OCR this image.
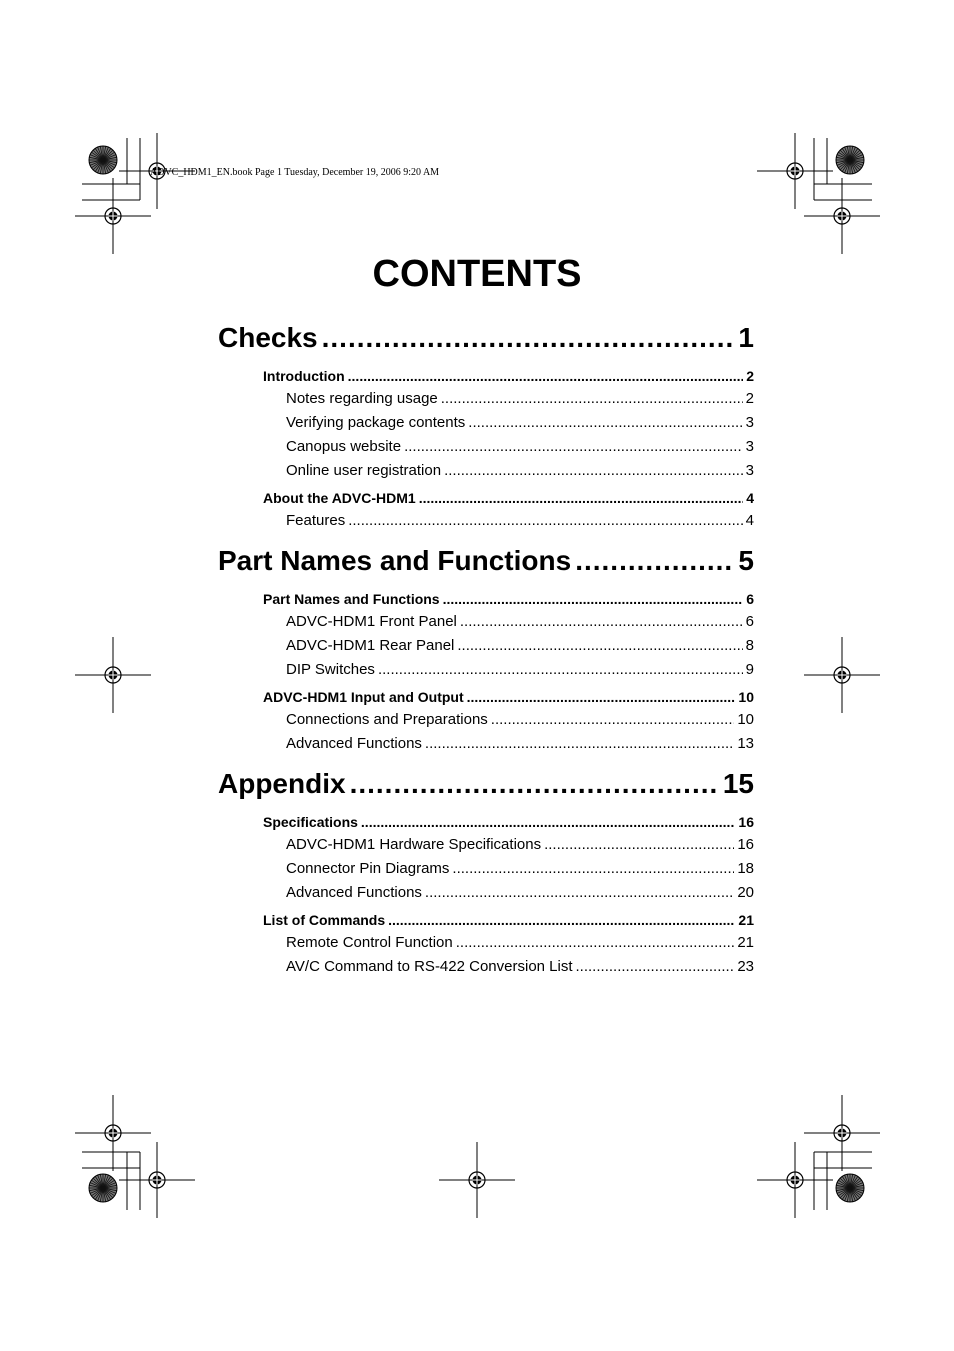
ADVC_HDM1_EN.book Page 1 Tuesday, December 19, 2006 9:20 AM
CONTENTS
Checks .....	1
Introduction .....	2
Notes regarding usage .....	2
Verifying package contents .....	3
Canopus website .....	3
Online user registration .....	3
About the ADVC-HDM1 .....	4
Features .....	4
Part Names and Functions .....	5
Part Names and Functions .....	6
ADVC-HDM1 Front Panel .....	6
ADVC-HDM1 Rear Panel .....	8
DIP Switches .....	9
ADVC-HDM1 Input and Output .....	10
Connections and Preparations .....	10
Advanced Functions .....	13
Appendix .....	15
Specifications .....	16
ADVC-HDM1 Hardware Specifications .....	16
Connector Pin Diagrams .....	18
Advanced Functions .....	20
List of Commands .....	21
Remote Control Function .....	21
AV/C Command to RS-422 Conversion List .....	23
